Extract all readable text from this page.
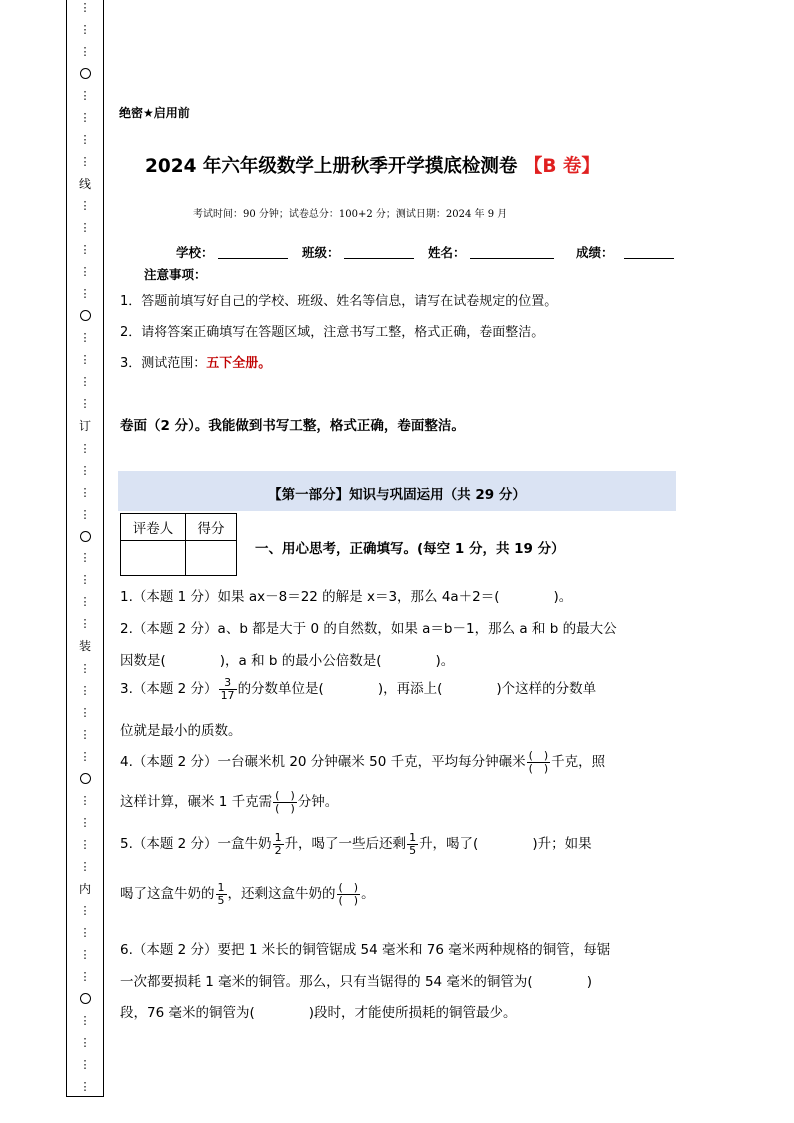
⋮
⋮
⋮
⋮
⋮
⋮
⋮
线
⋮
⋮
⋮
⋮
⋮
⋮
⋮
⋮
⋮
订
⋮
⋮
⋮
⋮
⋮
⋮
⋮
⋮
装
⋮
⋮
⋮
⋮
⋮
⋮
⋮
⋮
⋮
内
⋮
⋮
⋮
⋮
⋮
⋮
⋮
⋮
绝密★启用前
2024 年六年级数学上册秋季开学摸底检测卷 【B 卷】
考试时间：90 分钟；试卷总分：100+2 分；测试日期：2024 年 9 月
学校：	班级：	姓名：	成绩：
注意事项：
1．答题前填写好自己的学校、班级、姓名等信息，请写在试卷规定的位置。
2．请将答案正确填写在答题区域，注意书写工整，格式正确，卷面整洁。
3．测试范围：五下全册。
卷面（2 分）。我能做到书写工整，格式正确，卷面整洁。
【第一部分】知识与巩固运用（共 29 分）
评卷人	得分

一、用心思考，正确填写。(每空 1 分，共 19 分）
1.（本题 1 分）如果 ax－8＝22 的解是 x＝3，那么 4a＋2＝(　　　　)。
2.（本题 2 分）a、b 都是大于 0 的自然数，如果 a＝b－1，那么 a 和 b 的最大公
因数是(　　　　)，a 和 b 的最小公倍数是(　　　　)。
3.（本题 2 分） $\frac{3}{17}$ 的分数单位是(　　　　)，再添上(　　　　)个这样的分数单
位就是最小的质数。
4.（本题 2 分）一台碾米机 20 分钟碾米 50 千克，平均每分钟碾米 $\frac{( )}{( )}$ 千克，照
这样计算，碾米 1 千克需 $\frac{( )}{( )}$ 分钟。
5.（本题 2 分）一盒牛奶 $\frac{1}{2}$ 升，喝了一些后还剩 $\frac{1}{5}$ 升，喝了(　　　　)升；如果
喝了这盒牛奶的 $\frac{1}{5}$ ，还剩这盒牛奶的 $\frac{( )}{( )}$ 。
6.（本题 2 分）要把 1 米长的铜管锯成 54 毫米和 76 毫米两种规格的铜管，每锯
一次都要损耗 1 毫米的铜管。那么，只有当锯得的 54 毫米的铜管为(　　　　)
段，76 毫米的铜管为(　　　　)段时，才能使所损耗的铜管最少。
